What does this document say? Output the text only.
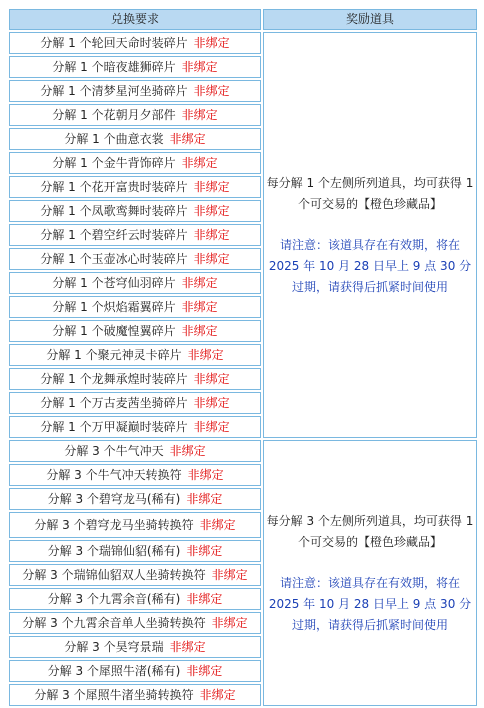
兑换要求	奖励道具
分解 1 个轮回天命时装碎片 非绑定	每分解 1 个左侧所列道具，均可获得 1 个可交易的【橙色珍藏品】
请注意：该道具存在有效期，将在 2025 年 10 月 28 日早上 9 点 30 分过期，请获得后抓紧时间使用

分解 1 个暗夜雄狮碎片 非绑定	
分解 1 个清梦星河坐骑碎片 非绑定	
分解 1 个花朝月夕部件 非绑定	
分解 1 个曲意衣裳 非绑定	
分解 1 个金牛背饰碎片 非绑定	
分解 1 个花开富贵时装碎片 非绑定	
分解 1 个凤歌鸾舞时装碎片 非绑定	
分解 1 个碧空纤云时装碎片 非绑定	
分解 1 个玉壶冰心时装碎片 非绑定	
分解 1 个苍穹仙羽碎片 非绑定	
分解 1 个炽焰霜翼碎片 非绑定	
分解 1 个破魔惶翼碎片 非绑定	
分解 1 个聚元神灵卡碎片 非绑定	
分解 1 个龙舞承煌时装碎片 非绑定	
分解 1 个万古麦茜坐骑碎片 非绑定	
分解 1 个万甲凝巅时装碎片 非绑定	
分解 3 个牛气冲天 非绑定	每分解 3 个左侧所列道具，均可获得 1 个可交易的【橙色珍藏品】
请注意：该道具存在有效期，将在 2025 年 10 月 28 日早上 9 点 30 分过期，请获得后抓紧时间使用

分解 3 个牛气冲天转换符 非绑定	
分解 3 个碧穹龙马(稀有) 非绑定	
分解 3 个碧穹龙马坐骑转换符 非绑定	
分解 3 个瑞锦仙貂(稀有) 非绑定	
分解 3 个瑞锦仙貂双人坐骑转换符 非绑定	
分解 3 个九霄余音(稀有) 非绑定	
分解 3 个九霄余音单人坐骑转换符 非绑定	
分解 3 个昊穹景瑞 非绑定	
分解 3 个犀照牛渚(稀有) 非绑定	
分解 3 个犀照牛渚坐骑转换符 非绑定	
